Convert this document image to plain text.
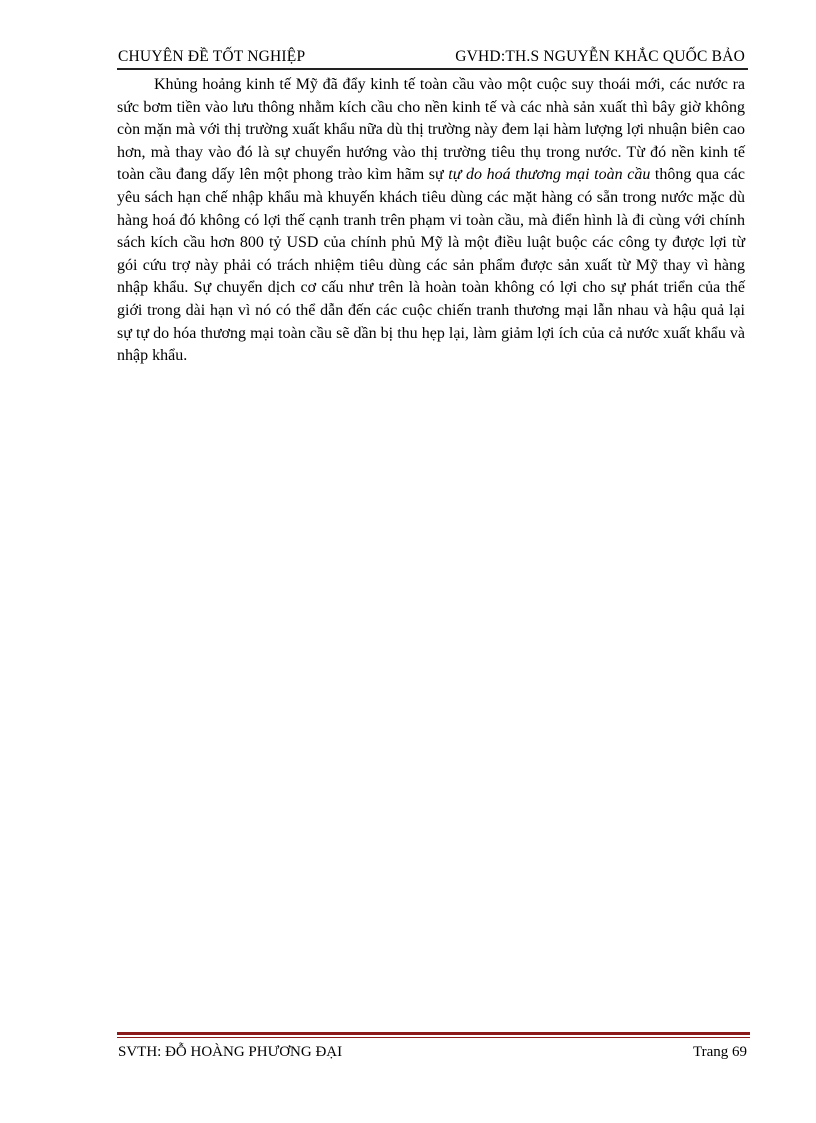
CHUYÊN ĐỀ TỐT NGHIỆP	GVHD:TH.S NGUYỄN KHẮC QUỐC BẢO

Khủng hoảng kinh tế Mỹ đã đẩy kinh tế toàn cầu vào một cuộc suy thoái mới, các nước ra sức bơm tiền vào lưu thông nhằm kích cầu cho nền kinh tế và các nhà sản xuất thì bây giờ không còn mặn mà với thị trường xuất khẩu nữa dù thị trường này đem lại hàm lượng lợi nhuận biên cao hơn, mà thay vào đó là sự chuyển hướng vào thị trường tiêu thụ trong nước. Từ đó nền kinh tế toàn cầu đang dấy lên một phong trào kìm hãm sự tự do hoá thương mại toàn cầu thông qua các yêu sách hạn chế nhập khẩu mà khuyến khách tiêu dùng các mặt hàng có sẵn trong nước mặc dù hàng hoá đó không có lợi thế cạnh tranh trên phạm vi toàn cầu, mà điển hình là đi cùng với chính sách kích cầu hơn 800 tỷ USD của chính phủ Mỹ là một điều luật buộc các công ty được lợi từ gói cứu trợ này phải có trách nhiệm tiêu dùng các sản phẩm được sản xuất từ Mỹ thay vì hàng nhập khẩu. Sự chuyển dịch cơ cấu như trên là hoàn toàn không có lợi cho sự phát triển của thế giới trong dài hạn vì nó có thể dẫn đến các cuộc chiến tranh thương mại lẫn nhau và hậu quả lại sự tự do hóa thương mại toàn cầu sẽ dần bị thu hẹp lại, làm giảm lợi ích của cả nước xuất khẩu và nhập khẩu.

SVTH: ĐỖ HOÀNG PHƯƠNG ĐẠI	Trang 69
